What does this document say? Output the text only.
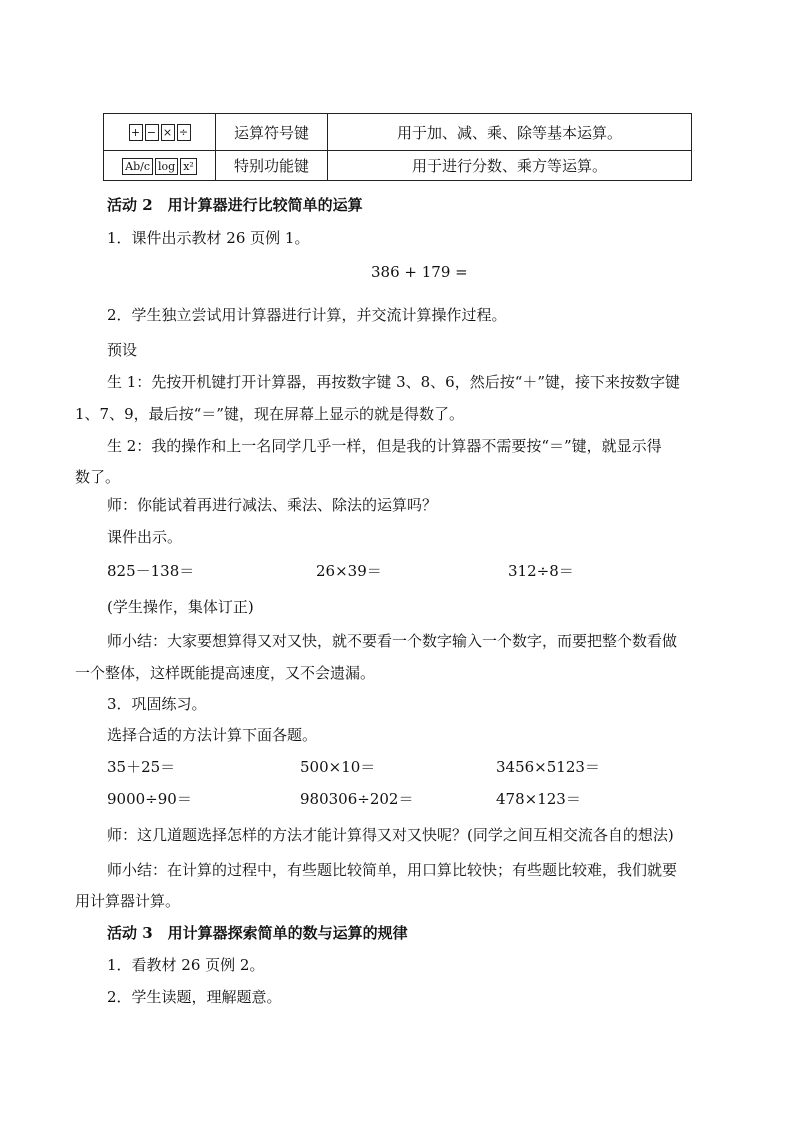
+ − × ÷	运算符号键	用于加、减、乘、除等基本运算。
Ab/c log x²	特别功能键	用于进行分数、乘方等运算。
活动 2　用计算器进行比较简单的运算
1．课件出示教材 26 页例 1。
386 + 179 =
2．学生独立尝试用计算器进行计算，并交流计算操作过程。
预设
生 1：先按开机键打开计算器，再按数字键 3、8、6，然后按“＋”键，接下来按数字键
1、7、9，最后按“＝”键，现在屏幕上显示的就是得数了。
生 2：我的操作和上一名同学几乎一样，但是我的计算器不需要按“＝”键，就显示得
数了。
师：你能试着再进行减法、乘法、除法的运算吗？
课件出示。
825－138＝	26×39＝	312÷8＝
(学生操作，集体订正)
师小结：大家要想算得又对又快，就不要看一个数字输入一个数字，而要把整个数看做
一个整体，这样既能提高速度，又不会遗漏。
3．巩固练习。
选择合适的方法计算下面各题。
35＋25＝	500×10＝	3456×5123＝
9000÷90＝	980306÷202＝	478×123＝
师：这几道题选择怎样的方法才能计算得又对又快呢？(同学之间互相交流各自的想法)
师小结：在计算的过程中，有些题比较简单，用口算比较快；有些题比较难，我们就要
用计算器计算。
活动 3　用计算器探索简单的数与运算的规律
1．看教材 26 页例 2。
2．学生读题，理解题意。
